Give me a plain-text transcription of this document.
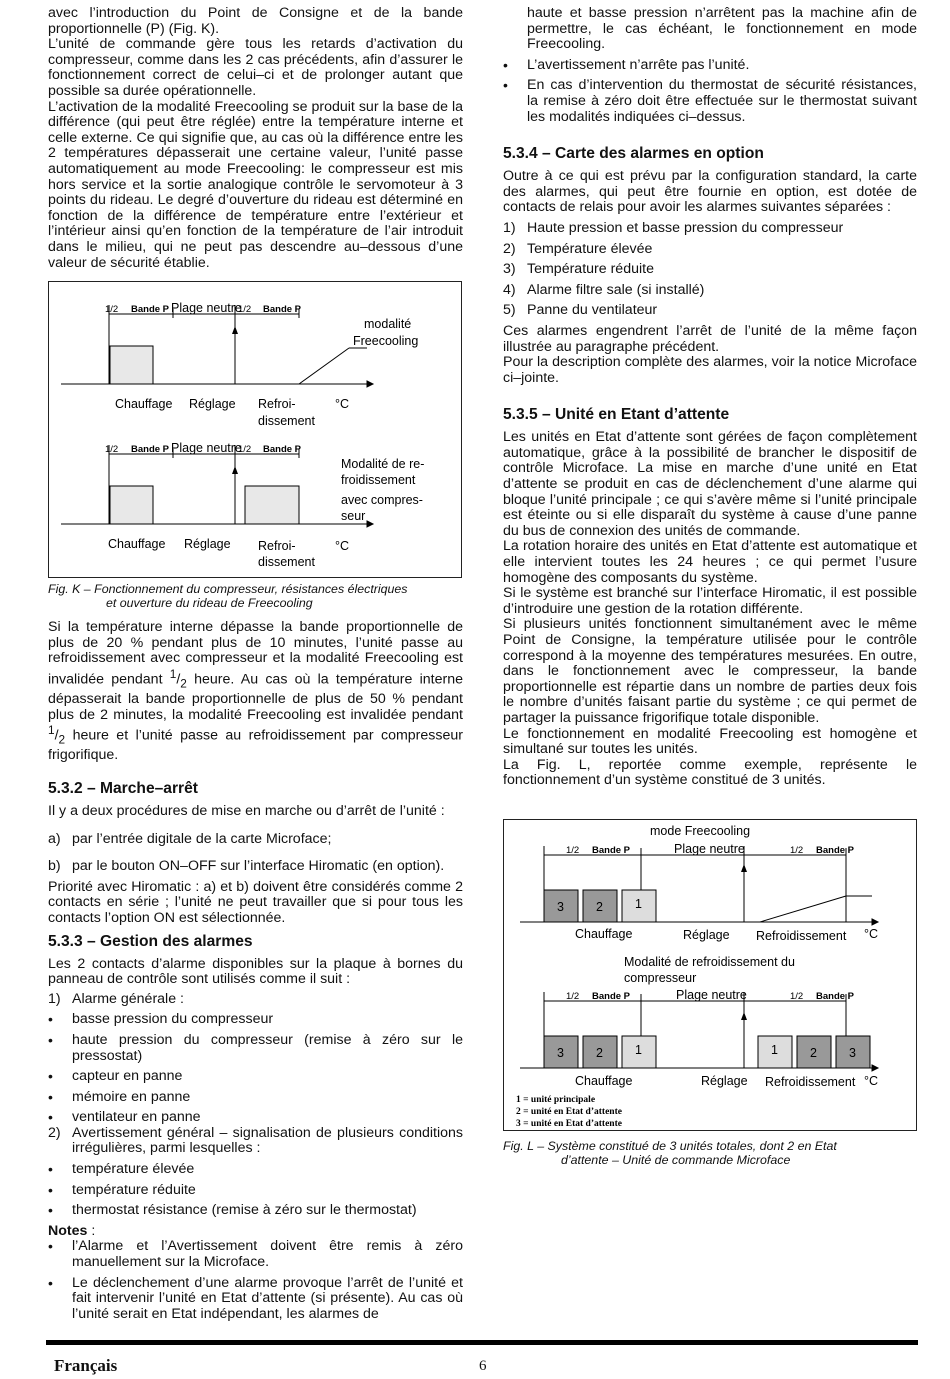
avec l’introduction du Point de Consigne et de la bande proportionnelle (P) (Fig. K).

L’unité de commande gère tous les retards d’activation du compresseur, comme dans les 2 cas précédents, afin d’assurer le fonctionnement correct de celui–ci et de prolonger autant que possible sa durée opérationnelle.

L’activation de la modalité Freecooling se produit sur la base de la différence (qui peut être réglée) entre la température interne et celle externe. Ce qui signifie que, au cas où la différence entre les 2 températures dépasserait une certaine valeur, l’unité passe automatiquement au mode Freecooling: le compresseur est mis hors service et la sortie analogique contrôle le servomoteur à 3 points du rideau. Le degré d’ouverture du rideau est déterminé en fonction de la différence de température entre l’extérieur et l’intérieur ainsi qu’en fonction de la température de l’air introduit dans le milieu, qui ne peut pas descendre au–dessous d’une valeur de sécurité établie.

1/2 Bande P	1/2 Bande P
1/2 Bande P	1/2 Bande P
Plage neutre
Plage neutre
modalité Freecooling
Chauffage Réglage Refroi-
dissement
°C
Modalité de re-froidissement
avec compres-seur
Chauffage Réglage Refroi-
dissement
°C
Fig. K – Fonctionnement du compresseur, résistances électriques
et ouverture du rideau de Freecooling

Si la température interne dépasse la bande proportionnelle de plus de 20 % pendant plus de 10 minutes, l’unité passe au refroidissement avec compresseur et la modalité Freecooling est invalidée pendant $^1/_2$ heure. Au cas où la température interne dépasserait la bande proportionnelle de plus de 50 % pendant plus de 2 minutes, la modalité Freecooling est invalidée pendant $^1/_2$ heure et l’unité passe au refroidissement par compresseur frigorifique.

5.3.2 – Marche–arrêt

Il y a deux procédures de mise en marche ou d’arrêt de l’unité :

a) par l’entrée digitale de la carte Microface;
b) par le bouton ON–OFF sur l’interface Hiromatic (en option).

Priorité avec Hiromatic : a) et b) doivent être considérés comme 2 contacts en série ; l’unité ne peut travailler que si pour tous les contacts l’option ON est sélectionnée.

5.3.3 – Gestion des alarmes

Les 2 contacts d’alarme disponibles sur la plaque à bornes du panneau de contrôle sont utilisés comme il suit :

1) Alarme générale :
•	basse pression du compresseur
•	haute pression du compresseur (remise à zéro sur le pressostat)
•	capteur en panne
•	mémoire en panne
•	ventilateur en panne
2) Avertissement général – signalisation de plusieurs conditions irrégulières, parmi lesquelles :
•	température élevée
•	température réduite
•	thermostat résistance (remise à zéro sur le thermostat)

Notes :

•	l’Alarme et l’Avertissement doivent être remis à zéro manuellement sur la Microface.
•	Le déclenchement d’une alarme provoque l’arrêt de l’unité et fait intervenir l’unité en Etat d’attente (si présente). Au cas où l’unité serait en Etat indépendant, les alarmes de
haute et basse pression n’arrêtent pas la machine afin de permettre, le cas échéant, le fonctionnement en mode Freecooling.
•	L’avertissement n’arrête pas l’unité.
•	En cas d’intervention du thermostat de sécurité résistances, la remise à zéro doit être effectuée sur le thermostat suivant les modalités indiquées ci–dessus.
5.3.4 – Carte des alarmes en option

Outre à ce qui est prévu par la configuration standard, la carte des alarmes, qui peut être fournie en option, est dotée de contacts de relais pour avoir les alarmes suivantes séparées :

1) Haute pression et basse pression du compresseur
2) Température élevée
3) Température réduite
4) Alarme filtre sale (si installé)
5) Panne du ventilateur

Ces alarmes engendrent l’arrêt de l’unité de la même façon illustrée au paragraphe précédent.

Pour la description complète des alarmes, voir la notice Microface ci–jointe.

5.3.5 – Unité en Etant d’attente

Les unités en Etat d’attente sont gérées de façon complètement automatique, grâce à la possibilité de brancher le dispositif de contrôle Microface. La mise en marche d’une unité en Etat d’attente se produit en cas de déclenchement d’une alarme qui bloque l’unité principale ; ce qui s’avère même si l’unité principale est éteinte ou si elle disparaît du système à cause d’une panne du bus de connexion des unités de commande.

La rotation horaire des unités en Etat d’attente est automatique et elle intervient toutes les 24 heures ; ce qui permet l’usure homogène des composants du système.

Si le système est branché sur l’interface Hiromatic, il est possible d’introduire une gestion de la rotation différente.

Si plusieurs unités fonctionnent simultanément avec le même Point de Consigne, la température utilisée pour le contrôle correspond à la moyenne des températures mesurées. En outre, dans le fonctionnement avec le compresseur, la bande proportionnelle est répartie dans un nombre de parties deux fois le nombre d’unités faisant partie du système ; ce qui permet de partager la puissance frigorifique totale disponible.

Le fonctionnement en modalité Freecooling est homogène et simultané sur toutes les unités.

La Fig. L, reportée comme exemple, représente le fonctionnement d’un système constitué de 3 unités.

1/2 Bande P	1/2 Bande P
1/2 Bande P	1/2 Bande P
mode Freecooling
Plage neutre
3	2	1
Chauffage	Réglage Refroidissement °C
Modalité de refroidissement du
compresseur
Plage neutre
3	2	1	1	2	3
Chauffage	Réglage Refroidissement °C
1 = unité principale
2 = unité en Etat d’attente
3 = unité en Etat d’attente
Fig. L – Système constitué de 3 unités totales, dont 2 en Etat
d’attente – Unité de commande Microface
Français	6
